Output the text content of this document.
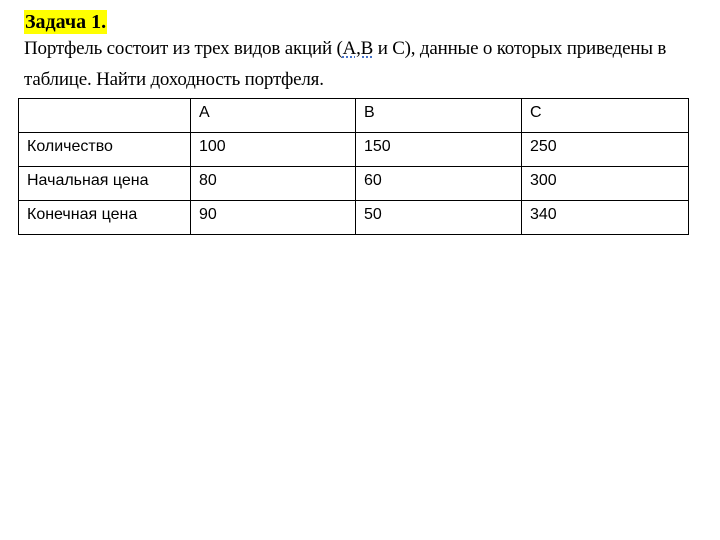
Задача 1.
Портфель состоит из трех видов акций (А,В и С), данные о которых приведены в таблице. Найти доходность портфеля.
	A	B	C
Количество	100	150	250
Начальная цена	80	60	300
Конечная цена	90	50	340
